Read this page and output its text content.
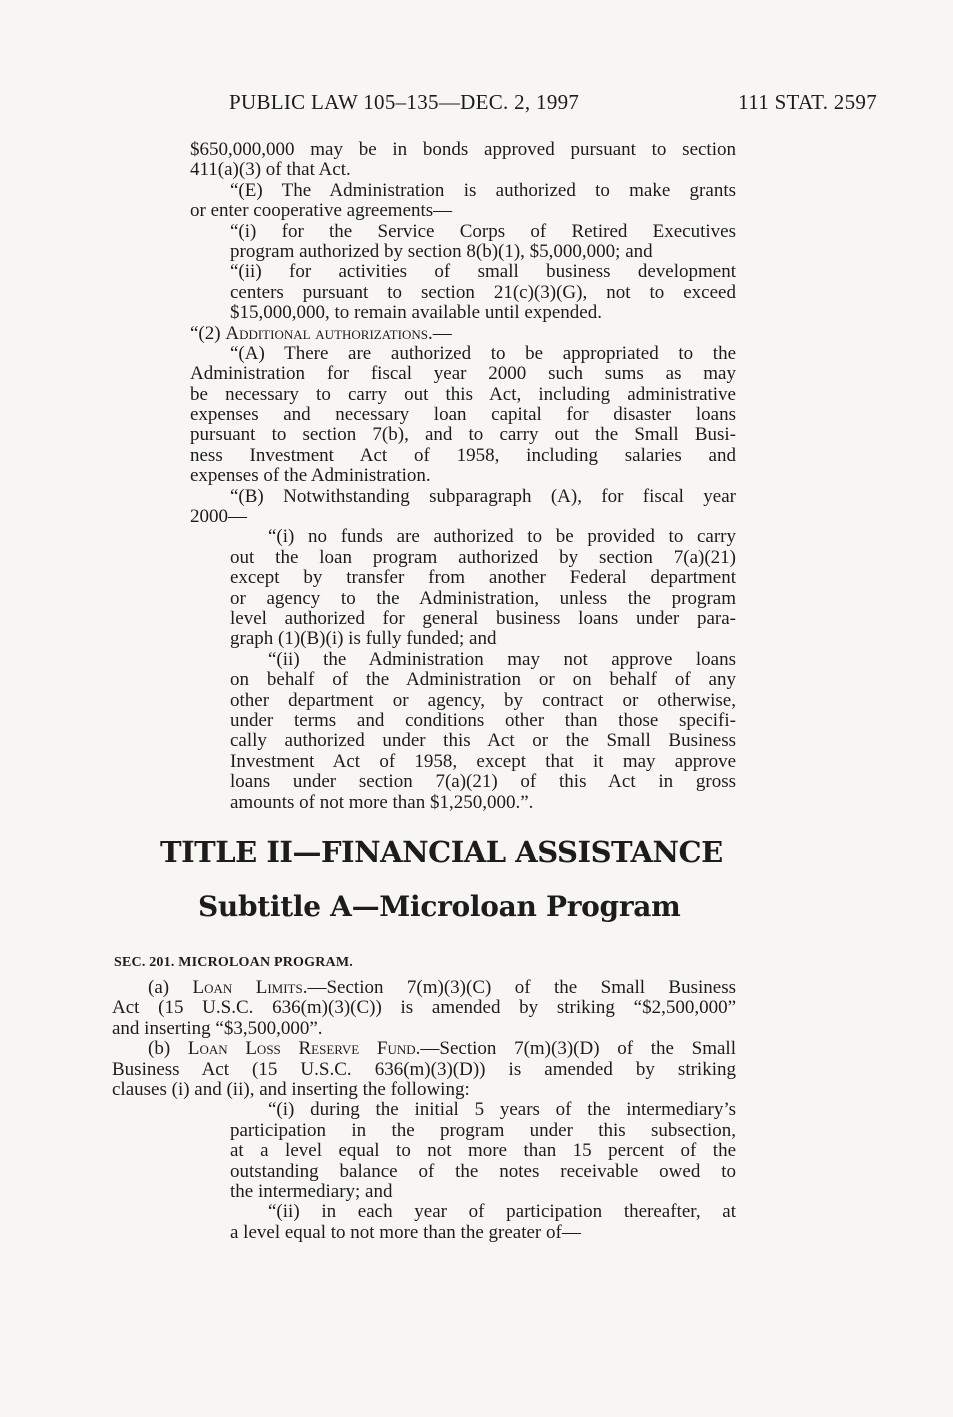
PUBLIC LAW 105–135—DEC. 2, 1997	111 STAT. 2597
$650,000,000 may be in bonds approved pursuant to section
411(a)(3) of that Act.
“(E) The Administration is authorized to make grants
or enter cooperative agreements—
“(i) for the Service Corps of Retired Executives
program authorized by section 8(b)(1), $5,000,000; and
“(ii) for activities of small business development
centers pursuant to section 21(c)(3)(G), not to exceed
$15,000,000, to remain available until expended.
“(2) Additional authorizations.—
“(A) There are authorized to be appropriated to the
Administration for fiscal year 2000 such sums as may
be necessary to carry out this Act, including administrative
expenses and necessary loan capital for disaster loans
pursuant to section 7(b), and to carry out the Small Busi-
ness Investment Act of 1958, including salaries and
expenses of the Administration.
“(B) Notwithstanding subparagraph (A), for fiscal year
2000—
“(i) no funds are authorized to be provided to carry
out the loan program authorized by section 7(a)(21)
except by transfer from another Federal department
or agency to the Administration, unless the program
level authorized for general business loans under para-
graph (1)(B)(i) is fully funded; and
“(ii) the Administration may not approve loans
on behalf of the Administration or on behalf of any
other department or agency, by contract or otherwise,
under terms and conditions other than those specifi-
cally authorized under this Act or the Small Business
Investment Act of 1958, except that it may approve
loans under section 7(a)(21) of this Act in gross
amounts of not more than $1,250,000.”.
TITLE II—FINANCIAL ASSISTANCE
Subtitle A—Microloan Program
SEC. 201. MICROLOAN PROGRAM.
(a) Loan Limits.—Section 7(m)(3)(C) of the Small Business
Act (15 U.S.C. 636(m)(3)(C)) is amended by striking “$2,500,000”
and inserting “$3,500,000”.
(b) Loan Loss Reserve Fund.—Section 7(m)(3)(D) of the Small
Business Act (15 U.S.C. 636(m)(3)(D)) is amended by striking
clauses (i) and (ii), and inserting the following:
“(i) during the initial 5 years of the intermediary’s
participation in the program under this subsection,
at a level equal to not more than 15 percent of the
outstanding balance of the notes receivable owed to
the intermediary; and
“(ii) in each year of participation thereafter, at
a level equal to not more than the greater of—
